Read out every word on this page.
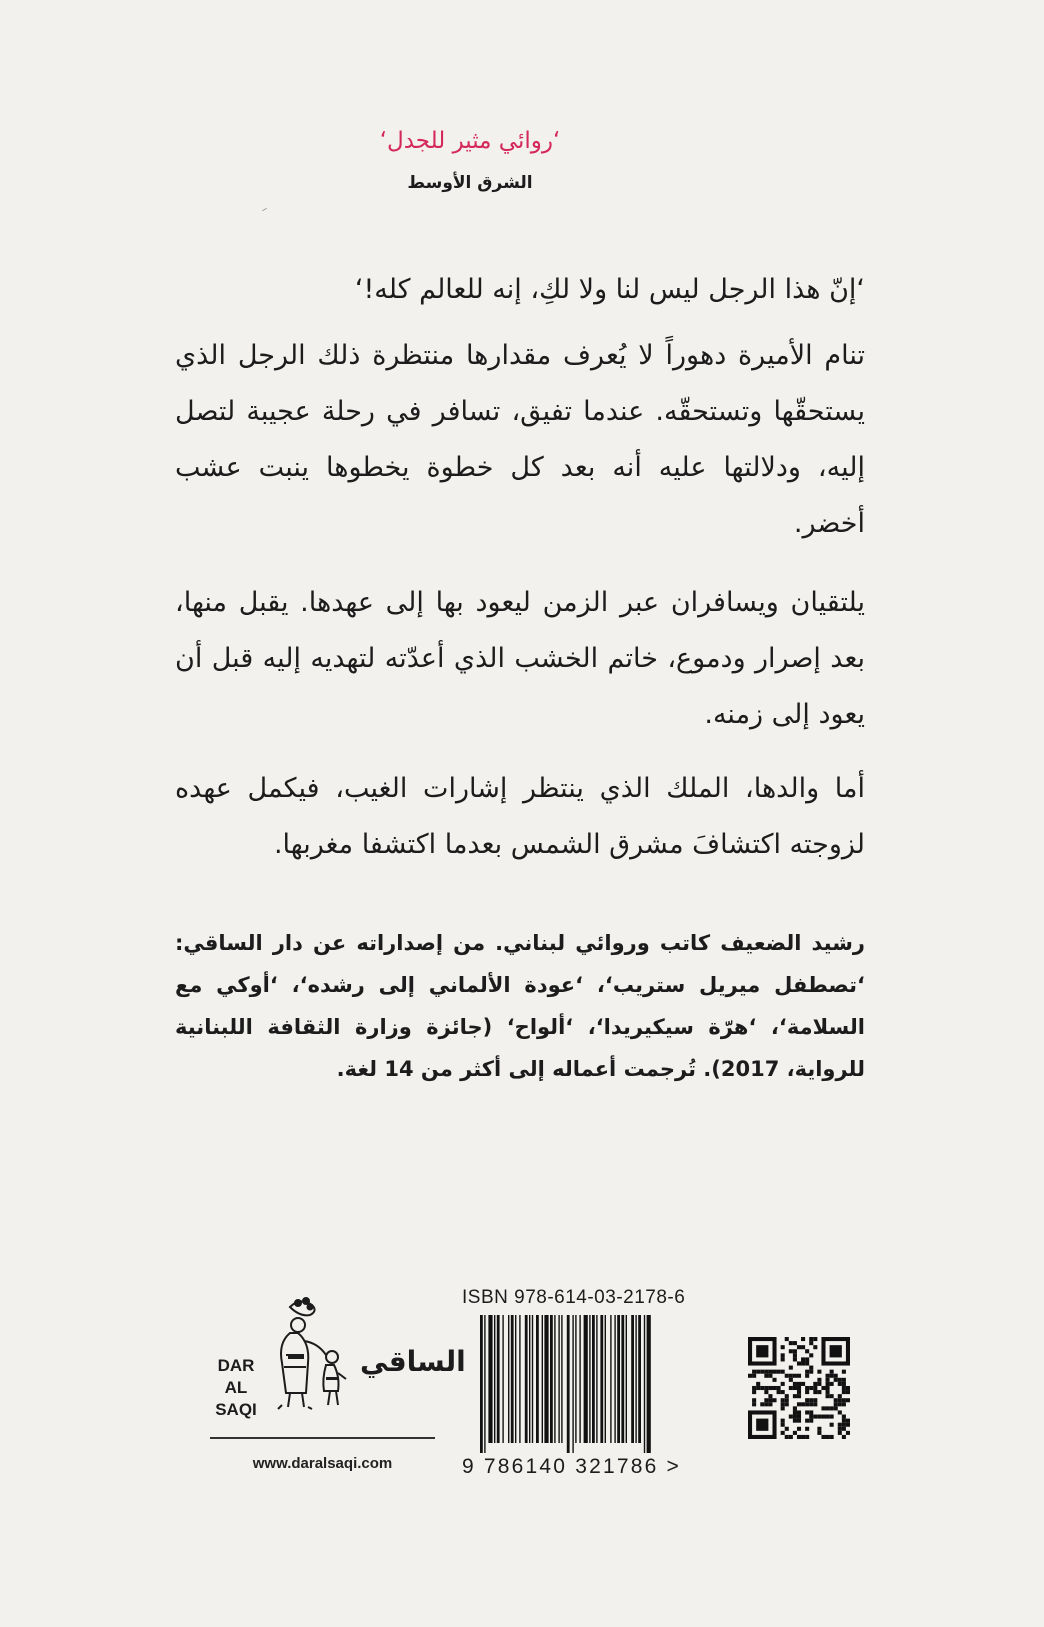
‘روائي مثير للجدل‘
الشرق الأوسط
‘إنّ هذا الرجل ليس لنا ولا لكِ، إنه للعالم كله!‘
تنام الأميرة دهوراً لا يُعرف مقدارها منتظرة ذلك الرجل الذي يستحقّها وتستحقّه. عندما تفيق، تسافر في رحلة عجيبة لتصل إليه، ودلالتها عليه أنه بعد كل خطوة يخطوها ينبت عشب أخضر.
يلتقيان ويسافران عبر الزمن ليعود بها إلى عهدها. يقبل منها، بعد إصرار ودموع، خاتم الخشب الذي أعدّته لتهديه إليه قبل أن يعود إلى زمنه.
أما والدها، الملك الذي ينتظر إشارات الغيب، فيكمل عهده لزوجته اكتشافَ مشرق الشمس بعدما اكتشفا مغربها.
رشيد الضعيف كاتب وروائي لبناني. من إصداراته عن دار الساقي: ‘تصطفل ميريل ستريب‘، ‘عودة الألماني إلى رشده‘، ‘أوكي مع السلامة‘، ‘هرّة سيكيريدا‘، ‘ألواح‘ (جائزة وزارة الثقافة اللبنانية للرواية، 2017). تُرجمت أعماله إلى أكثر من 14 لغة.
DAR
AL SAQI
الساقي
www.daralsaqi.com
ISBN 978-614-03-2178-6
9 786140 321786 >
